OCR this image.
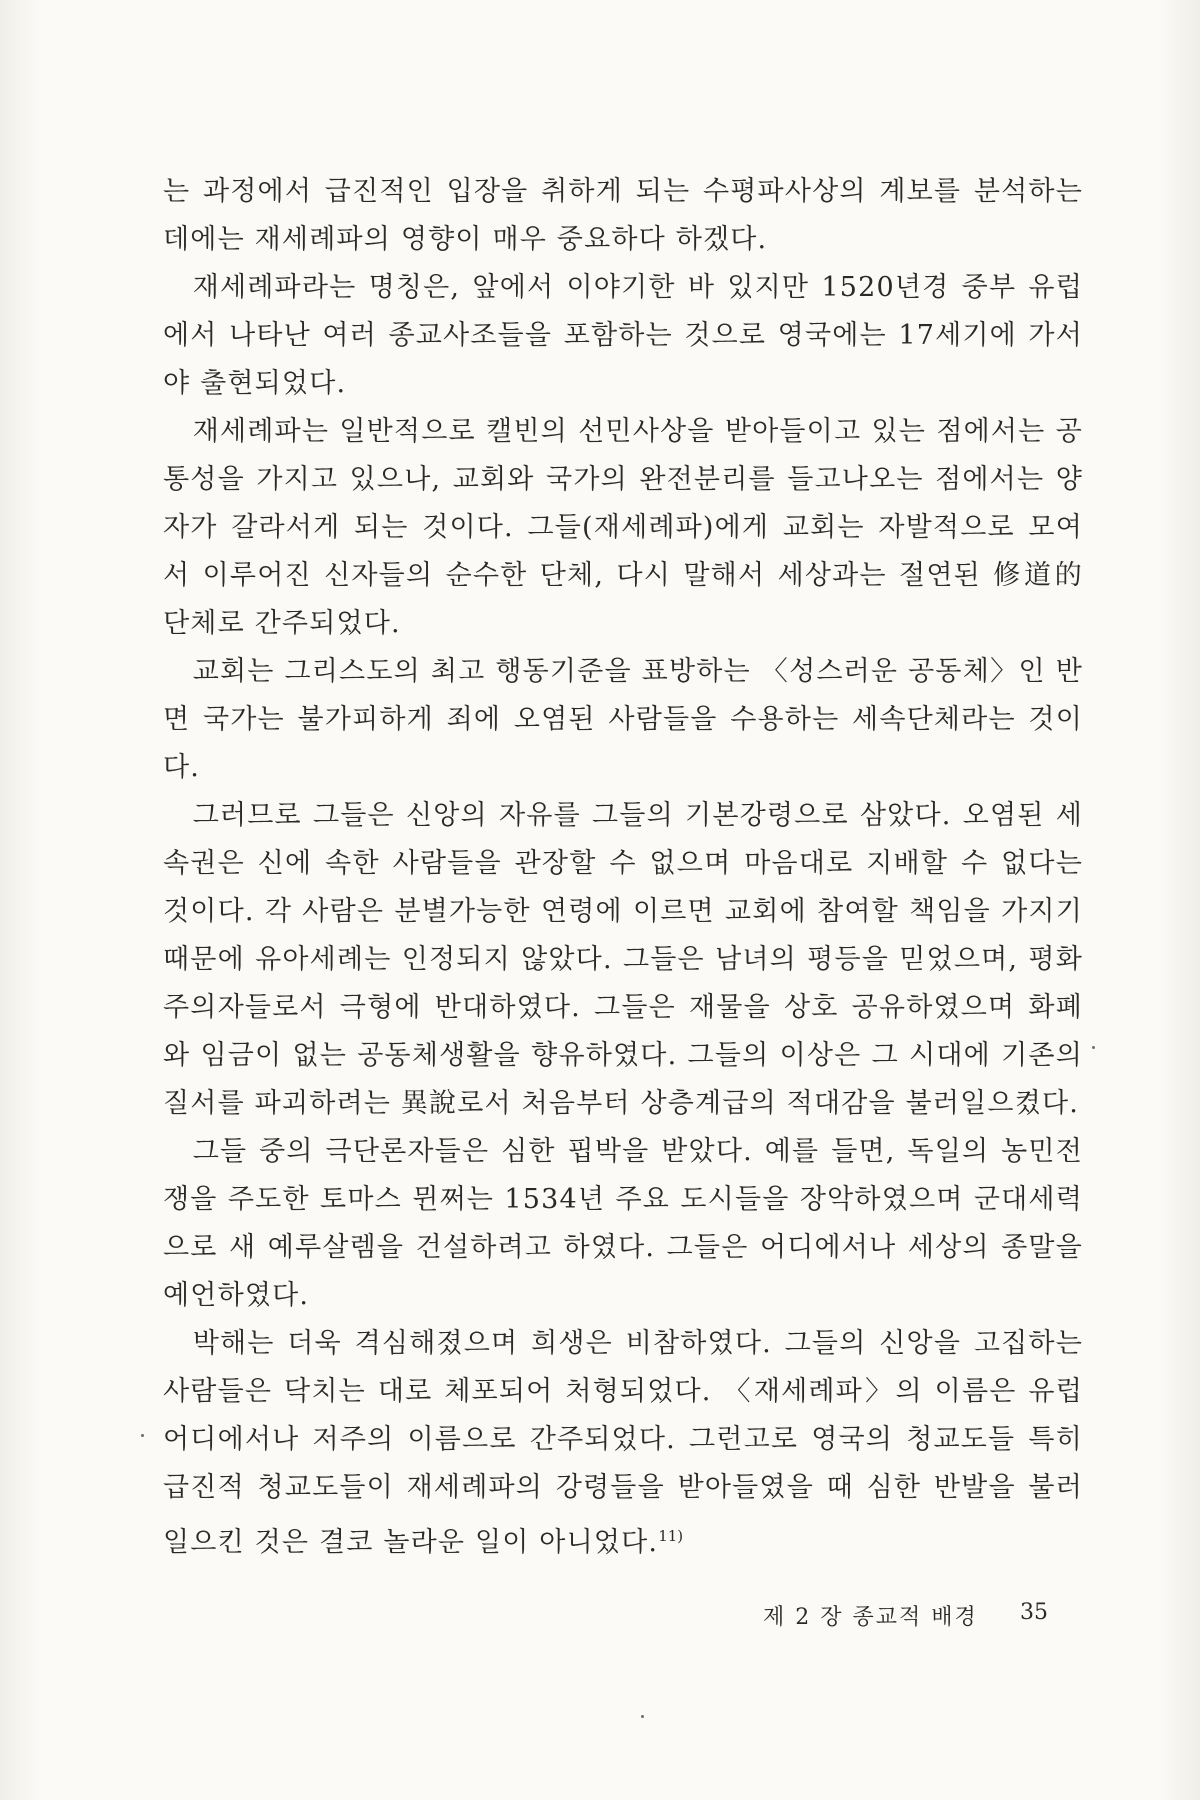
는 과정에서 급진적인 입장을 취하게 되는 수평파사상의 계보를 분석하는 데에는 재세례파의 영향이 매우 중요하다 하겠다.

재세례파라는 명칭은, 앞에서 이야기한 바 있지만 1520년경 중부 유럽에서 나타난 여러 종교사조들을 포함하는 것으로 영국에는 17세기에 가서야 출현되었다.

재세례파는 일반적으로 캘빈의 선민사상을 받아들이고 있는 점에서는 공통성을 가지고 있으나, 교회와 국가의 완전분리를 들고나오는 점에서는 양자가 갈라서게 되는 것이다. 그들(재세례파)에게 교회는 자발적으로 모여서 이루어진 신자들의 순수한 단체, 다시 말해서 세상과는 절연된 修道的 단체로 간주되었다.

교회는 그리스도의 최고 행동기준을 표방하는 〈성스러운 공동체〉인 반면 국가는 불가피하게 죄에 오염된 사람들을 수용하는 세속단체라는 것이다.

그러므로 그들은 신앙의 자유를 그들의 기본강령으로 삼았다. 오염된 세속권은 신에 속한 사람들을 관장할 수 없으며 마음대로 지배할 수 없다는 것이다. 각 사람은 분별가능한 연령에 이르면 교회에 참여할 책임을 가지기 때문에 유아세례는 인정되지 않았다. 그들은 남녀의 평등을 믿었으며, 평화주의자들로서 극형에 반대하였다. 그들은 재물을 상호 공유하였으며 화폐와 임금이 없는 공동체생활을 향유하였다. 그들의 이상은 그 시대에 기존의 질서를 파괴하려는 異說로서 처음부터 상층계급의 적대감을 불러일으켰다.

그들 중의 극단론자들은 심한 핍박을 받았다. 예를 들면, 독일의 농민전쟁을 주도한 토마스 뮌쩌는 1534년 주요 도시들을 장악하였으며 군대세력으로 새 예루살렘을 건설하려고 하였다. 그들은 어디에서나 세상의 종말을 예언하였다.

박해는 더욱 격심해졌으며 희생은 비참하였다. 그들의 신앙을 고집하는 사람들은 닥치는 대로 체포되어 처형되었다. 〈재세례파〉의 이름은 유럽 어디에서나 저주의 이름으로 간주되었다. 그런고로 영국의 청교도들 특히 급진적 청교도들이 재세례파의 강령들을 받아들였을 때 심한 반발을 불러일으킨 것은 결코 놀라운 일이 아니었다.$^{11)}$

제 2 장 종교적 배경 35
